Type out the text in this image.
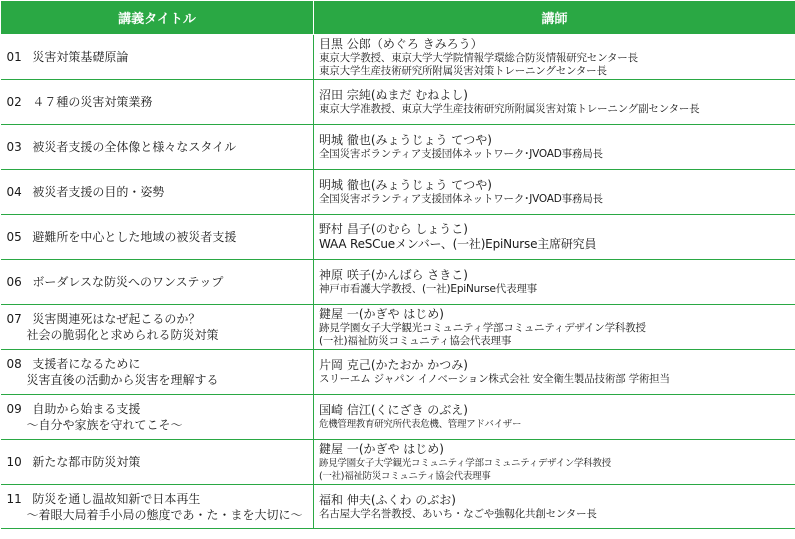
講義タイトル	講師
01 災害対策基礎原論	目黒 公郎（めぐろ きみろう）
東京大学教授、東京大学大学院情報学環総合防災情報研究センター長
東京大学生産技術研究所附属災害対策トレーニングセンター長

02 ４７種の災害対策業務	沼田 宗純(ぬまだ むねよし)
東京大学准教授、東京大学生産技術研究所附属災害対策トレーニング副センター長

03 被災者支援の全体像と様々なスタイル	明城 徹也(みょうじょう てつや)
全国災害ボランティア支援団体ネットワーク･JVOAD事務局長

04 被災者支援の目的・姿勢	明城 徹也(みょうじょう てつや)
全国災害ボランティア支援団体ネットワーク･JVOAD事務局長

05 避難所を中心とした地域の被災者支援	野村 昌子(のむら しょうこ)
WAA ReSCueメンバー、(一社)EpiNurse主席研究員

06 ボーダレスな防災へのワンステップ	神原 咲子(かんばら さきこ)
神戸市看護大学教授、(一社)EpiNurse代表理事

07 災害関連死はなぜ起こるのか？
社会の脆弱化と求められる防災対策	鍵屋 一(かぎや はじめ)
跡見学園女子大学観光コミュニティ学部コミュニティデザイン学科教授
(一社)福祉防災コミュニティ協会代表理事

08 支援者になるために
災害直後の活動から災害を理解する	片岡 克己(かたおか かつみ)
スリーエム ジャパン イノベーション株式会社 安全衛生製品技術部 学術担当

09 自助から始まる支援
～自分や家族を守れてこそ～	国崎 信江(くにざき のぶえ)
危機管理教育研究所代表危機、管理アドバイザー

10 新たな都市防災対策	鍵屋 一(かぎや はじめ)
跡見学園女子大学観光コミュニティ学部コミュニティデザイン学科教授
(一社)福祉防災コミュニティ協会代表理事

11 防災を通し温故知新で日本再生
～着眼大局着手小局の態度であ・た・まを大切に～	福和 伸夫(ふくわ のぶお)
名古屋大学名誉教授、あいち・なごや強靱化共創センター長
